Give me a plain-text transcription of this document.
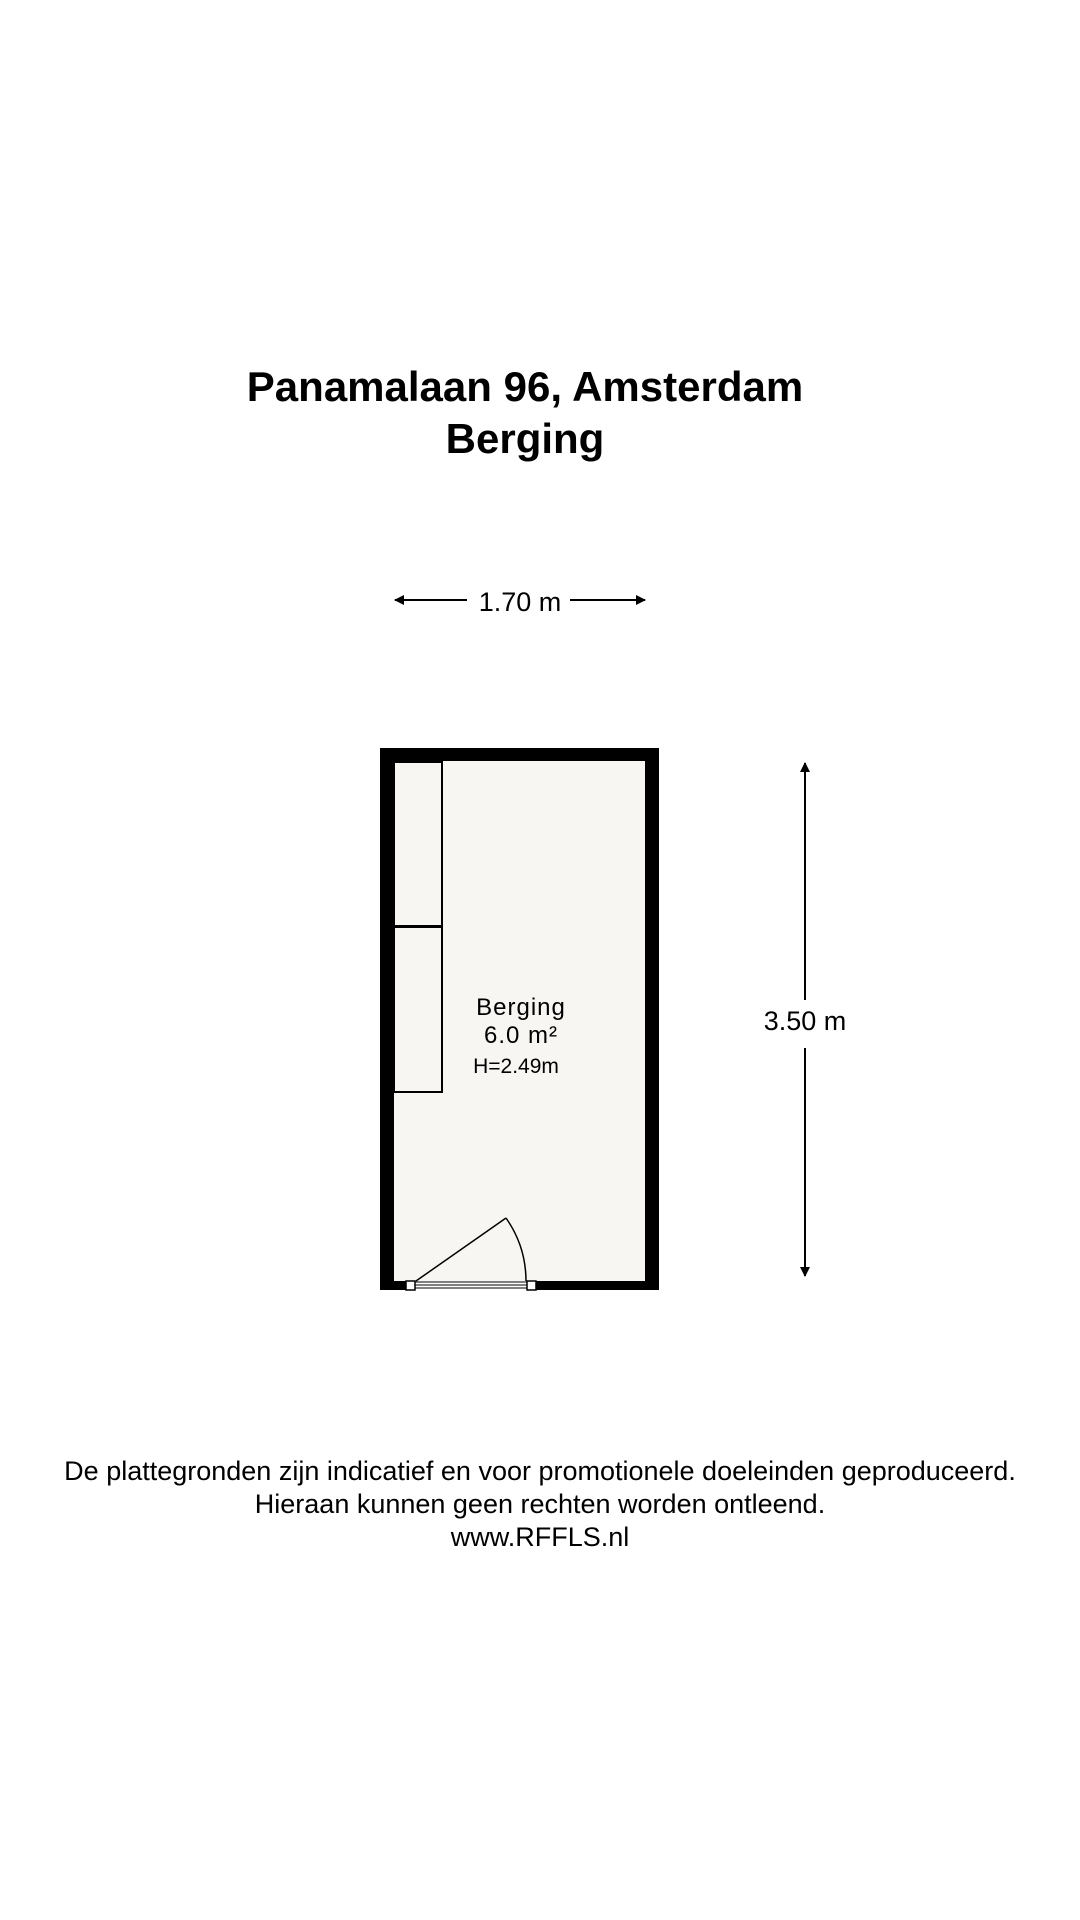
Panamalaan 96, Amsterdam
Berging
1.70 m
3.50 m
Berging
6.0 m²
H=2.49m
De plattegronden zijn indicatief en voor promotionele doeleinden geproduceerd.
Hieraan kunnen geen rechten worden ontleend.
www.RFFLS.nl
